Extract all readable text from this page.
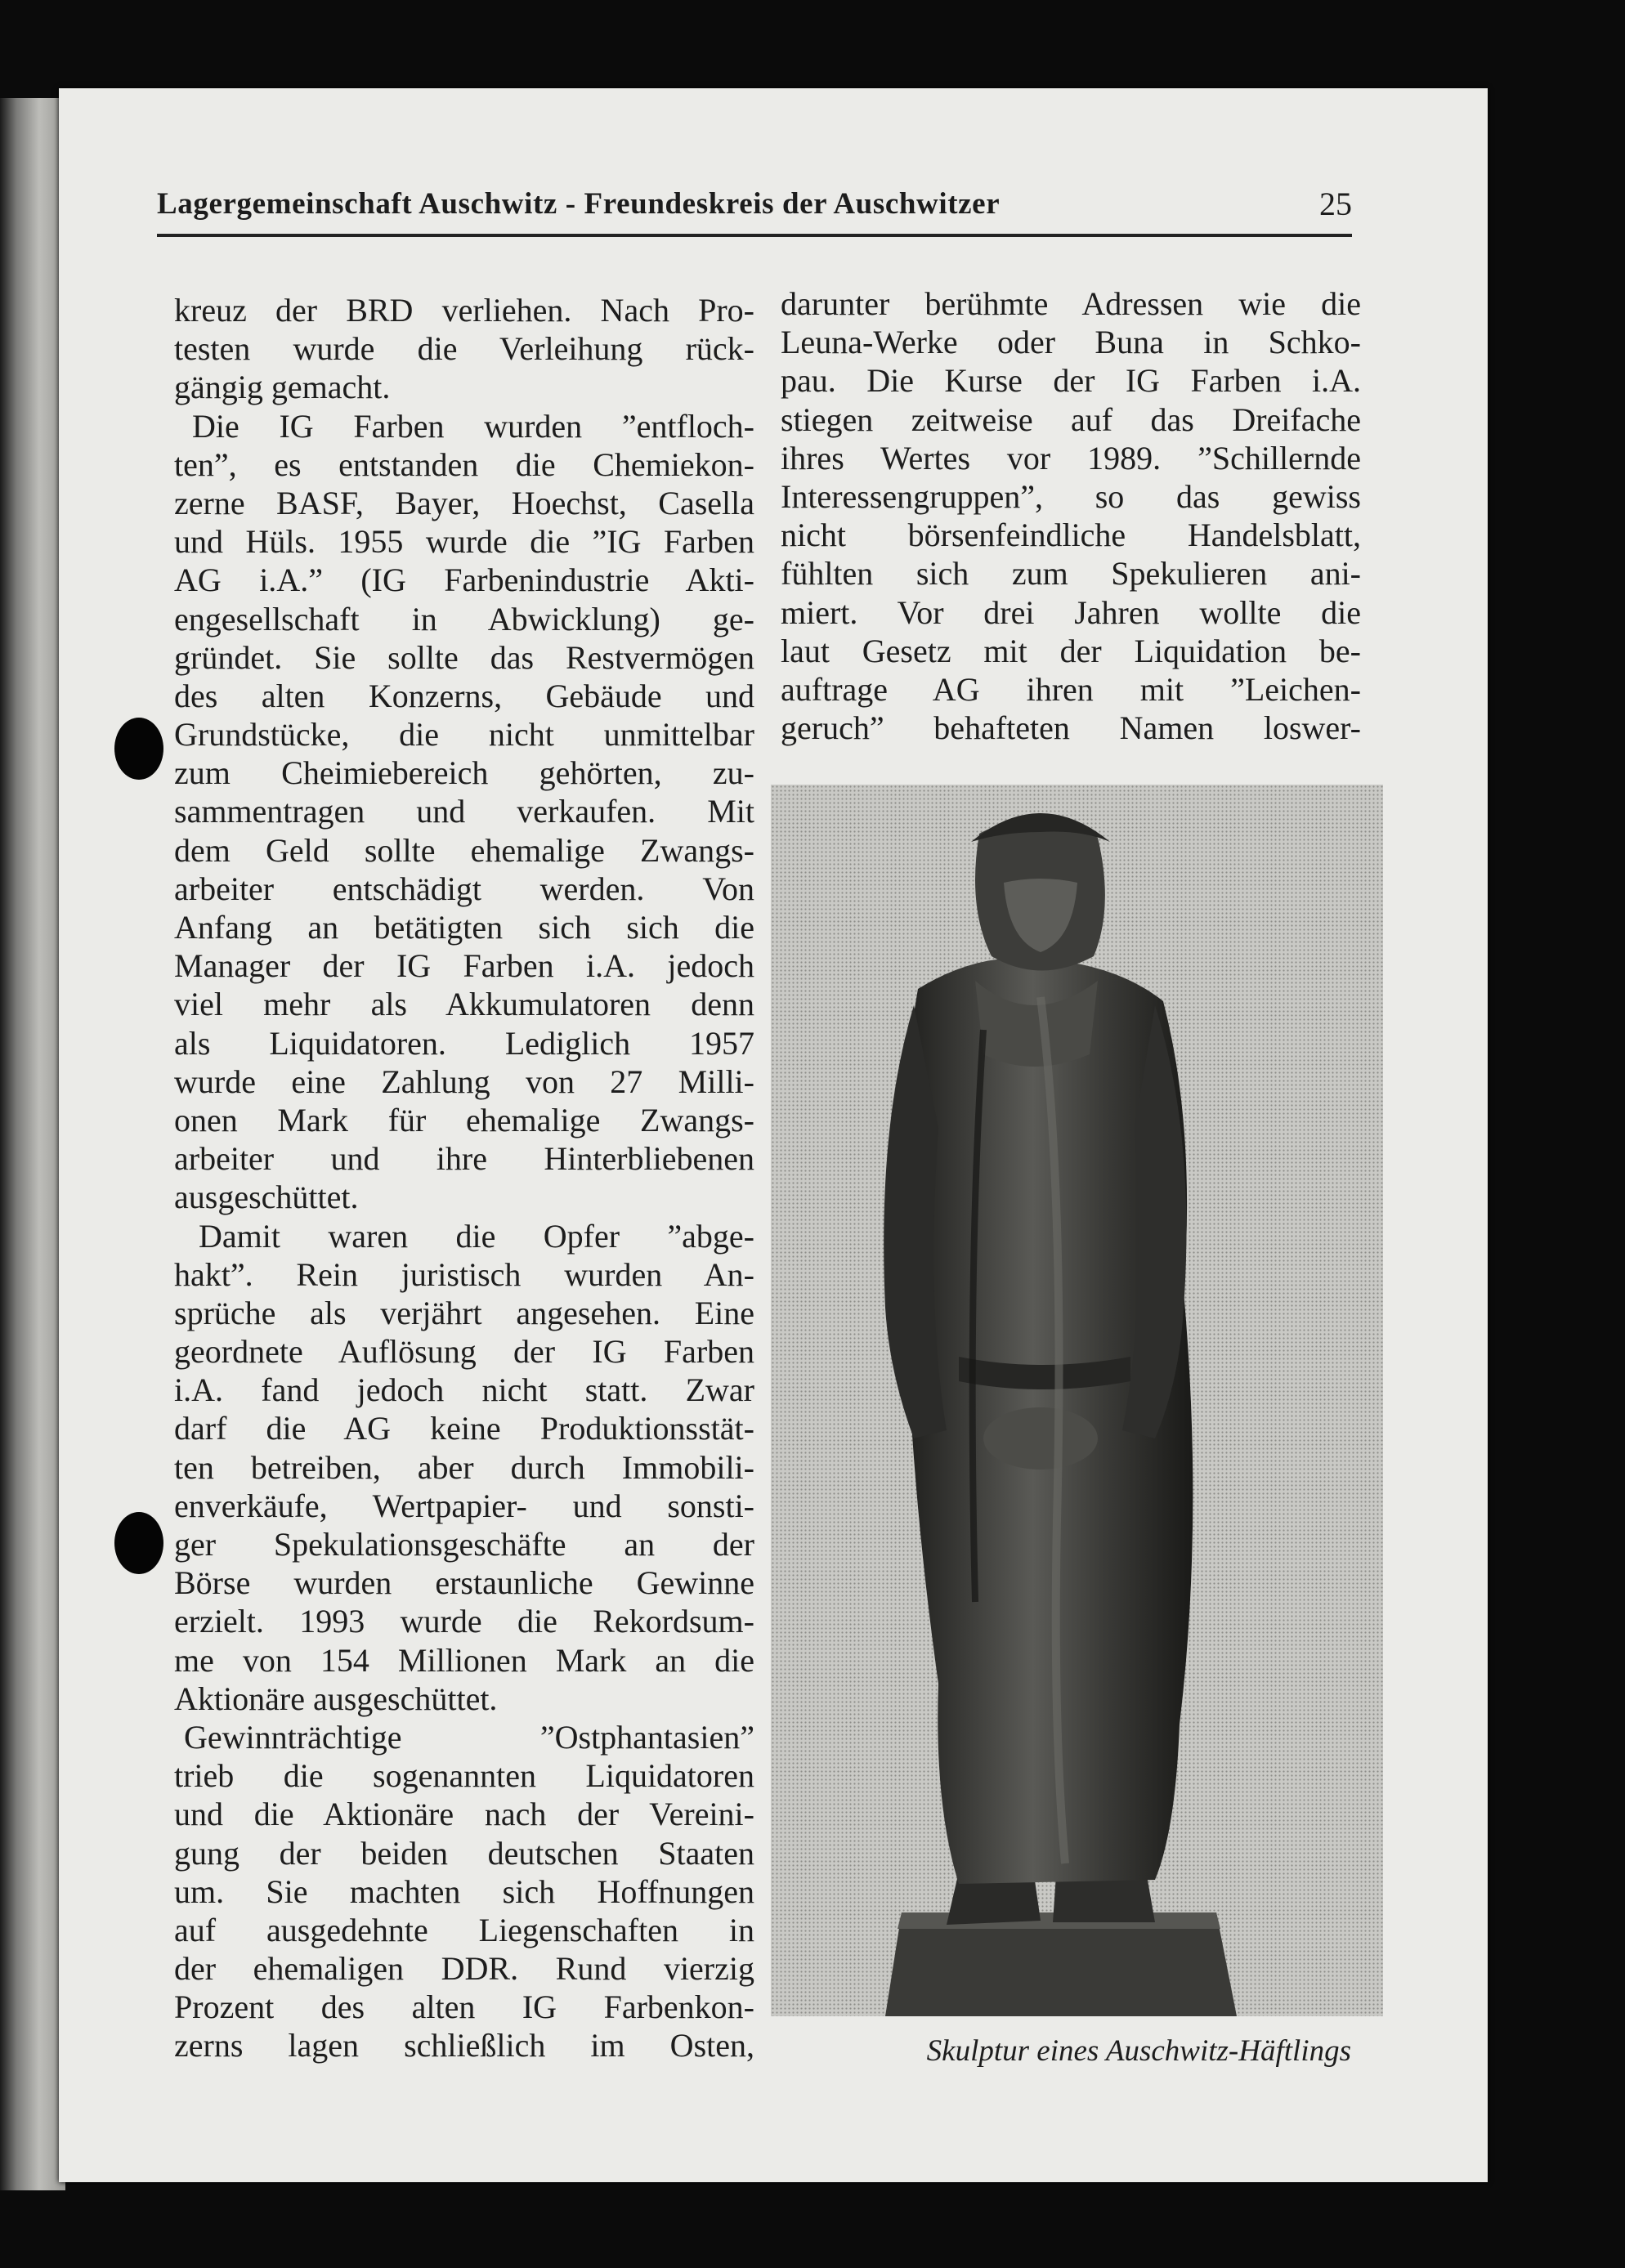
Lagergemeinschaft Auschwitz - Freundeskreis der Auschwitzer	25
kreuz der BRD verliehen. Nach Pro-
testen wurde die Verleihung rück-
gängig gemacht.
Die IG Farben wurden ”entfloch-
ten”, es entstanden die Chemiekon-
zerne BASF, Bayer, Hoechst, Casella
und Hüls. 1955 wurde die ”IG Farben
AG i.A.” (IG Farbenindustrie Akti-
engesellschaft in Abwicklung) ge-
gründet. Sie sollte das Restvermögen
des alten Konzerns, Gebäude und
Grundstücke, die nicht unmittelbar
zum Cheimiebereich gehörten, zu-
sammentragen und verkaufen. Mit
dem Geld sollte ehemalige Zwangs-
arbeiter entschädigt werden. Von
Anfang an betätigten sich sich die
Manager der IG Farben i.A. jedoch
viel mehr als Akkumulatoren denn
als Liquidatoren. Lediglich 1957
wurde eine Zahlung von 27 Milli-
onen Mark für ehemalige Zwangs-
arbeiter und ihre Hinterbliebenen
ausgeschüttet.
Damit waren die Opfer ”abge-
hakt”. Rein juristisch wurden An-
sprüche als verjährt angesehen. Eine
geordnete Auflösung der IG Farben
i.A. fand jedoch nicht statt. Zwar
darf die AG keine Produktionsstät-
ten betreiben, aber durch Immobili-
enverkäufe, Wertpapier- und sonsti-
ger Spekulationsgeschäfte an der
Börse wurden erstaunliche Gewinne
erzielt. 1993 wurde die Rekordsum-
me von 154 Millionen Mark an die
Aktionäre ausgeschüttet.
Gewinnträchtige ”Ostphantasien”
trieb die sogenannten Liquidatoren
und die Aktionäre nach der Vereini-
gung der beiden deutschen Staaten
um. Sie machten sich Hoffnungen
auf ausgedehnte Liegenschaften in
der ehemaligen DDR. Rund vierzig
Prozent des alten IG Farbenkon-
zerns lagen schließlich im Osten,
darunter berühmte Adressen wie die
Leuna-Werke oder Buna in Schko-
pau. Die Kurse der IG Farben i.A.
stiegen zeitweise auf das Dreifache
ihres Wertes vor 1989. ”Schillernde
Interessengruppen”, so das gewiss
nicht börsenfeindliche Handelsblatt,
fühlten sich zum Spekulieren ani-
miert. Vor drei Jahren wollte die
laut Gesetz mit der Liquidation be-
auftrage AG ihren mit ”Leichen-
geruch” behafteten Namen loswer-
Skulptur eines Auschwitz-Häftlings
